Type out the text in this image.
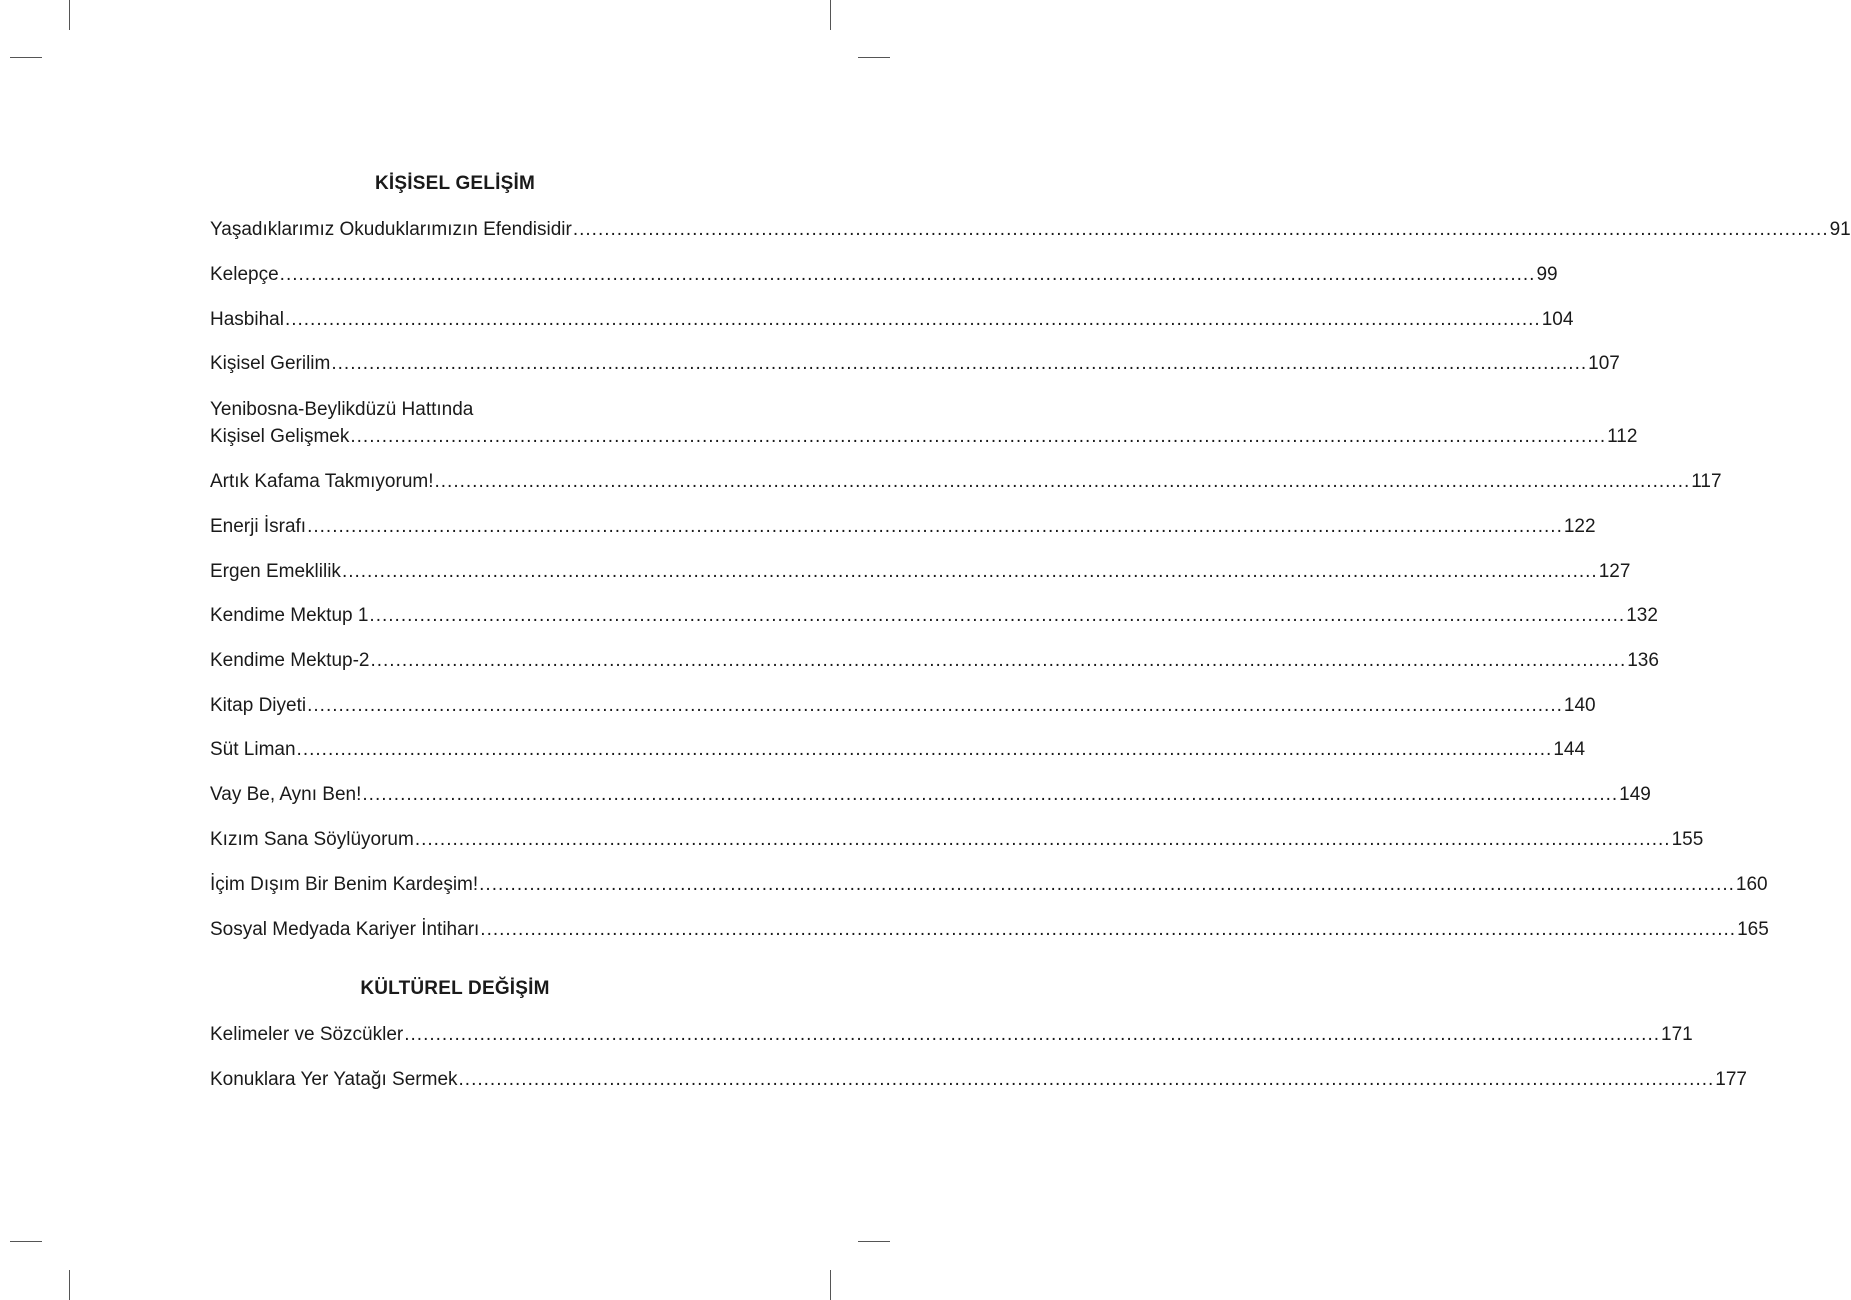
KİŞİSEL GELİŞİM
Yaşadıklarımız Okuduklarımızın Efendisidir ........................................................................................................................................................................................................ 91
Kelepçe ........................................................................................................................................................................................................ 99
Hasbihal ........................................................................................................................................................................................................ 104
Kişisel Gerilim ........................................................................................................................................................................................................ 107
Yenibosna-Beylikdüzü Hattında
Kişisel Gelişmek ........................................................................................................................................................................................................ 112
Artık Kafama Takmıyorum! ........................................................................................................................................................................................................ 117
Enerji İsrafı ........................................................................................................................................................................................................ 122
Ergen Emeklilik ........................................................................................................................................................................................................ 127
Kendime Mektup 1 ........................................................................................................................................................................................................ 132
Kendime Mektup-2 ........................................................................................................................................................................................................ 136
Kitap Diyeti ........................................................................................................................................................................................................ 140
Süt Liman ........................................................................................................................................................................................................ 144
Vay Be, Aynı Ben! ........................................................................................................................................................................................................ 149
Kızım Sana Söylüyorum ........................................................................................................................................................................................................ 155
İçim Dışım Bir Benim Kardeşim! ........................................................................................................................................................................................................ 160
Sosyal Medyada Kariyer İntiharı ........................................................................................................................................................................................................ 165
KÜLTÜREL DEĞİŞİM
Kelimeler ve Sözcükler ........................................................................................................................................................................................................ 171
Konuklara Yer Yatağı Sermek ........................................................................................................................................................................................................ 177
